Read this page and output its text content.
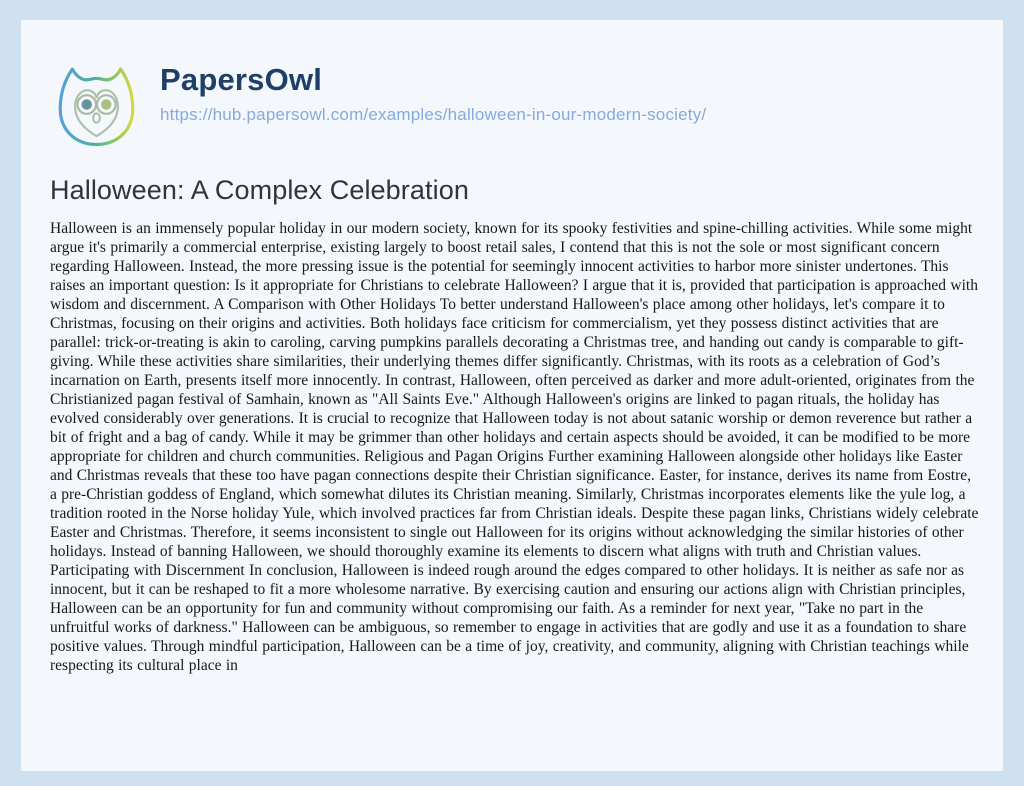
PapersOwl
https://hub.papersowl.com/examples/halloween-in-our-modern-society/
Halloween: A Complex Celebration

Halloween is an immensely popular holiday in our modern society, known for its spooky festivities and spine-chilling activities. While some might argue it's primarily a commercial enterprise, existing largely to boost retail sales, I contend that this is not the sole or most significant concern regarding Halloween. Instead, the more pressing issue is the potential for seemingly innocent activities to harbor more sinister undertones. This raises an important question: Is it appropriate for Christians to celebrate Halloween? I argue that it is, provided that participation is approached with wisdom and discernment. A Comparison with Other Holidays To better understand Halloween's place among other holidays, let's compare it to Christmas, focusing on their origins and activities. Both holidays face criticism for commercialism, yet they possess distinct activities that are parallel: trick-or-treating is akin to caroling, carving pumpkins parallels decorating a Christmas tree, and handing out candy is comparable to gift-giving. While these activities share similarities, their underlying themes differ significantly. Christmas, with its roots as a celebration of God’s incarnation on Earth, presents itself more innocently. In contrast, Halloween, often perceived as darker and more adult-oriented, originates from the Christianized pagan festival of Samhain, known as "All Saints Eve." Although Halloween's origins are linked to pagan rituals, the holiday has evolved considerably over generations. It is crucial to recognize that Halloween today is not about satanic worship or demon reverence but rather a bit of fright and a bag of candy. While it may be grimmer than other holidays and certain aspects should be avoided, it can be modified to be more appropriate for children and church communities. Religious and Pagan Origins Further examining Halloween alongside other holidays like Easter and Christmas reveals that these too have pagan connections despite their Christian significance. Easter, for instance, derives its name from Eostre, a pre-Christian goddess of England, which somewhat dilutes its Christian meaning. Similarly, Christmas incorporates elements like the yule log, a tradition rooted in the Norse holiday Yule, which involved practices far from Christian ideals. Despite these pagan links, Christians widely celebrate Easter and Christmas. Therefore, it seems inconsistent to single out Halloween for its origins without acknowledging the similar histories of other holidays. Instead of banning Halloween, we should thoroughly examine its elements to discern what aligns with truth and Christian values. Participating with Discernment In conclusion, Halloween is indeed rough around the edges compared to other holidays. It is neither as safe nor as innocent, but it can be reshaped to fit a more wholesome narrative. By exercising caution and ensuring our actions align with Christian principles, Halloween can be an opportunity for fun and community without compromising our faith. As a reminder for next year, "Take no part in the unfruitful works of darkness." Halloween can be ambiguous, so remember to engage in activities that are godly and use it as a foundation to share positive values. Through mindful participation, Halloween can be a time of joy, creativity, and community, aligning with Christian teachings while respecting its cultural place in
